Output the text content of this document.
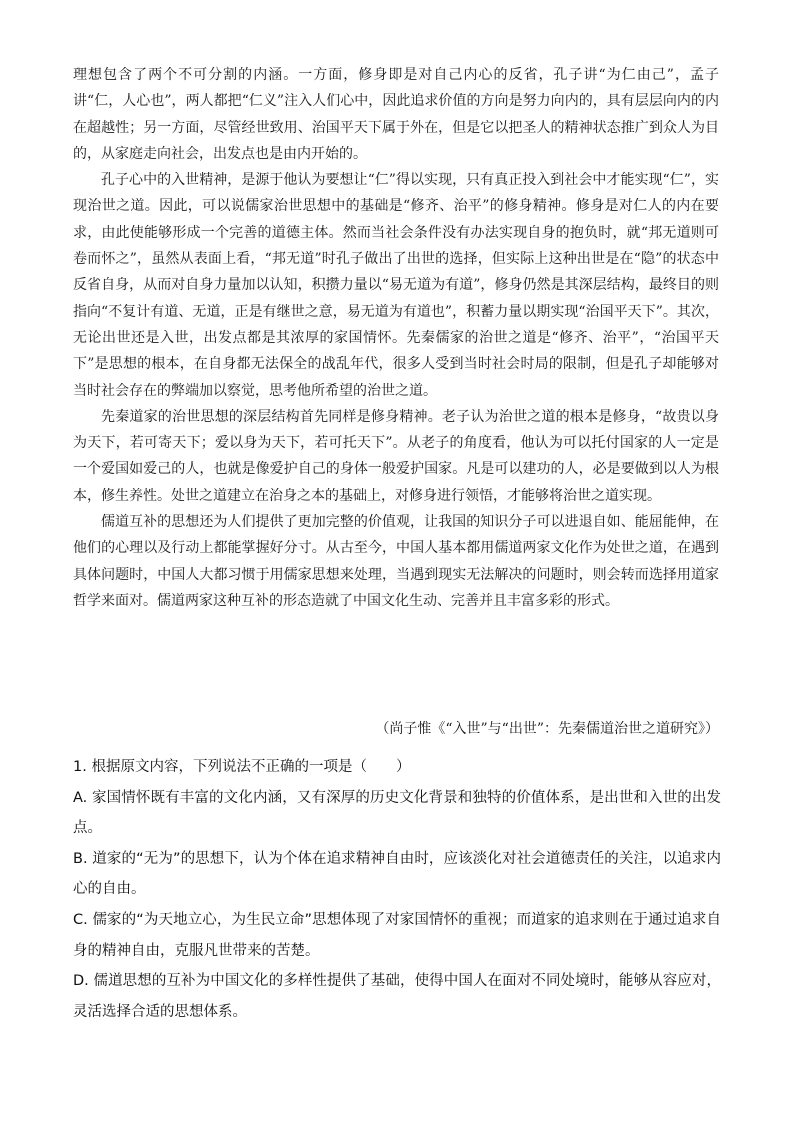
理想包含了两个不可分割的内涵。一方面，修身即是对自己内心的反省，孔子讲“为仁由己”，孟子讲“仁，人心也”，两人都把“仁义”注入人们心中，因此追求价值的方向是努力向内的，具有层层向内的内在超越性；另一方面，尽管经世致用、治国平天下属于外在，但是它以把圣人的精神状态推广到众人为目的，从家庭走向社会，出发点也是由内开始的。

孔子心中的入世精神，是源于他认为要想让“仁”得以实现，只有真正投入到社会中才能实现“仁”，实现治世之道。因此，可以说儒家治世思想中的基础是“修齐、治平”的修身精神。修身是对仁人的内在要求，由此使能够形成一个完善的道德主体。然而当社会条件没有办法实现自身的抱负时，就“邦无道则可卷而怀之”，虽然从表面上看，“邦无道”时孔子做出了出世的选择，但实际上这种出世是在“隐”的状态中反省自身，从而对自身力量加以认知，积攒力量以“易无道为有道”，修身仍然是其深层结构，最终目的则指向“不复计有道、无道，正是有继世之意，易无道为有道也”，积蓄力量以期实现“治国平天下”。其次，无论出世还是入世，出发点都是其浓厚的家国情怀。先秦儒家的治世之道是“修齐、治平”，“治国平天下”是思想的根本，在自身都无法保全的战乱年代，很多人受到当时社会时局的限制，但是孔子却能够对当时社会存在的弊端加以察觉，思考他所希望的治世之道。

先秦道家的治世思想的深层结构首先同样是修身精神。老子认为治世之道的根本是修身，“故贵以身为天下，若可寄天下；爱以身为天下，若可托天下”。从老子的角度看，他认为可以托付国家的人一定是一个爱国如爱己的人，也就是像爱护自己的身体一般爱护国家。凡是可以建功的人，必是要做到以人为根本，修生养性。处世之道建立在治身之本的基础上，对修身进行领悟，才能够将治世之道实现。

儒道互补的思想还为人们提供了更加完整的价值观，让我国的知识分子可以进退自如、能屈能伸，在他们的心理以及行动上都能掌握好分寸。从古至今，中国人基本都用儒道两家文化作为处世之道，在遇到具体问题时，中国人大都习惯于用儒家思想来处理，当遇到现实无法解决的问题时，则会转而选择用道家哲学来面对。儒道两家这种互补的形态造就了中国文化生动、完善并且丰富多彩的形式。

（尚子惟《“入世”与“出世”：先秦儒道治世之道研究》）

1. 根据原文内容，下列说法不正确的一项是（　　）

A. 家国情怀既有丰富的文化内涵，又有深厚的历史文化背景和独特的价值体系，是出世和入世的出发点。

B. 道家的“无为”的思想下，认为个体在追求精神自由时，应该淡化对社会道德责任的关注，以追求内心的自由。

C. 儒家的“为天地立心，为生民立命”思想体现了对家国情怀的重视；而道家的追求则在于通过追求自身的精神自由，克服凡世带来的苦楚。

D. 儒道思想的互补为中国文化的多样性提供了基础，使得中国人在面对不同处境时，能够从容应对，灵活选择合适的思想体系。
